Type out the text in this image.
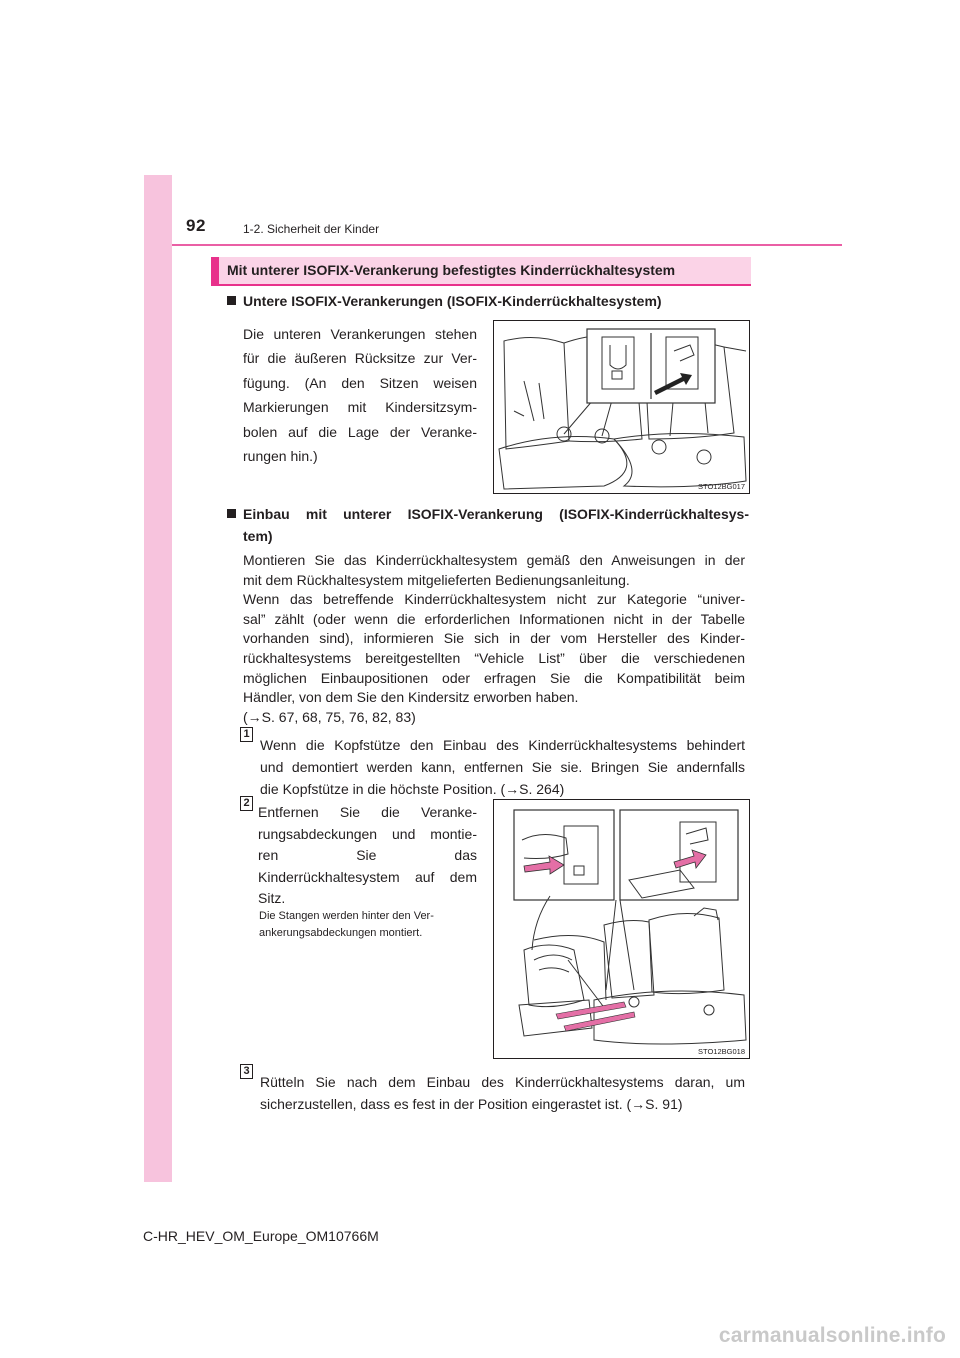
92	1-2. Sicherheit der Kinder
Mit unterer ISOFIX-Verankerung befestigtes Kinderrückhaltesystem
Untere ISOFIX-Verankerungen (ISOFIX-Kinderrückhaltesystem)
Die unteren Verankerungen stehen
für die äußeren Rücksitze zur Ver-
fügung. (An den Sitzen weisen
Markierungen mit Kindersitzsym-
bolen auf die Lage der Veranke-
rungen hin.)
STO12BG017
Einbau mit unterer ISOFIX-Verankerung (ISOFIX-Kinderrückhaltesys-
tem)
Montieren Sie das Kinderrückhaltesystem gemäß den Anweisungen in der
mit dem Rückhaltesystem mitgelieferten Bedienungsanleitung.
Wenn das betreffende Kinderrückhaltesystem nicht zur Kategorie “univer-
sal” zählt (oder wenn die erforderlichen Informationen nicht in der Tabelle
vorhanden sind), informieren Sie sich in der vom Hersteller des Kinder-
rückhaltesystems bereitgestellten “Vehicle List” über die verschiedenen
möglichen Einbaupositionen oder erfragen Sie die Kompatibilität beim
Händler, von dem Sie den Kindersitz erworben haben.
(→S. 67, 68, 75, 76, 82, 83)
1
Wenn die Kopfstütze den Einbau des Kinderrückhaltesystems behindert
und demontiert werden kann, entfernen Sie sie. Bringen Sie andernfalls
die Kopfstütze in die höchste Position. (→S. 264)
2
Entfernen Sie die Veranke-
rungsabdeckungen und montie-
ren Sie das
Kinderrückhaltesystem auf dem
Sitz.
Die Stangen werden hinter den Ver-
ankerungsabdeckungen montiert.
STO12BG018
3
Rütteln Sie nach dem Einbau des Kinderrückhaltesystems daran, um
sicherzustellen, dass es fest in der Position eingerastet ist. (→S. 91)
C-HR_HEV_OM_Europe_OM10766M
carmanualsonline.info
